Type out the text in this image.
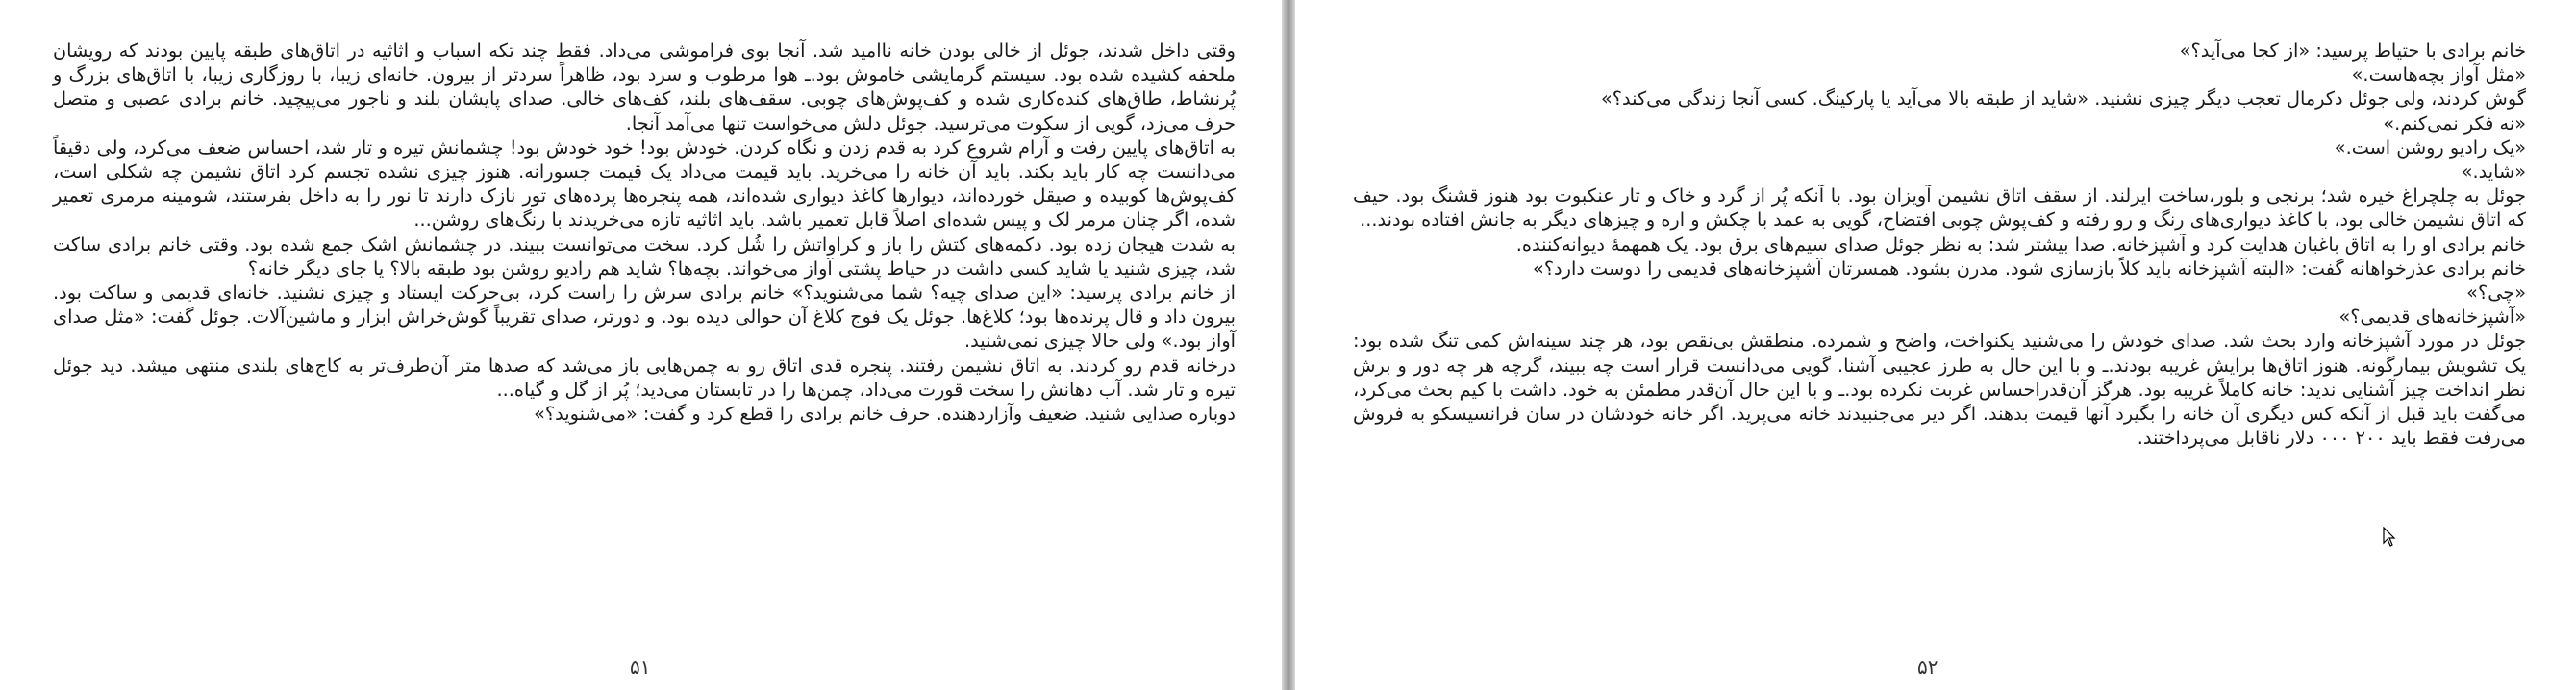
وقتی داخل شدند، جوئل از خالی بودن خانه ناامید شد. آنجا بوی فراموشی می‌داد. فقط چند تکه اسباب و اثاثیه در اتاق‌های طبقه پایین بودند که رویشان ملحفه کشیده شده بود. سیستم گرمایشی خاموش بود.ـ هوا مرطوب و سرد بود، ظاهراً سردتر از بیرون. خانه‌ای زیبا، با روزگاری زیبا، با اتاق‌های بزرگ و پُرنشاط، طاق‌های کنده‌کاری شده و کف‌پوش‌های چوبی. سقف‌های بلند، کف‌های خالی. صدای پایشان بلند و ناجور می‌پیچید. خانم برادی عصبی و متصل حرف می‌زد، گویی از سکوت می‌ترسید. جوئل دلش می‌خواست تنها می‌آمد آنجا.

به اتاق‌های پایین رفت و آرام شروع کرد به قدم زدن و نگاه کردن. خودش بود! خود خودش بود! چشمانش تیره و تار شد، احساس ضعف می‌کرد، ولی دقیقاً می‌دانست چه کار باید بکند. باید آن خانه را می‌خرید. باید قیمت می‌داد یک قیمت جسورانه. هنوز چیزی نشده تجسم کرد اتاق نشیمن چه شکلی است، کف‌پوش‌ها کوبیده و صیقل خورده‌اند، دیوارها کاغذ دیواری شده‌اند، همه پنجره‌ها پرده‌های تور نازک دارند تا نور را به داخل بفرستند، شومینه مرمری تعمیر شده، اگر چنان مرمر لک و پیس شده‌ای اصلاً قابل تعمیر باشد. باید اثاثیه تازه می‌خریدند با رنگ‌های روشن...

به شدت هیجان زده بود. دکمه‌های کتش را باز و کراواتش را شُل کرد. سخت می‌توانست ببیند. در چشمانش اشک جمع شده بود. وقتی خانم برادی ساکت شد، چیزی شنید یا شاید کسی داشت در حیاط پشتی آواز می‌خواند. بچه‌ها؟ شاید هم رادیو روشن بود طبقه بالا؟ یا جای دیگر خانه؟

از خانم برادی پرسید: «این صدای چیه؟ شما می‌شنوید؟» خانم برادی سرش را راست کرد، بی‌حرکت ایستاد و چیزی نشنید. خانه‌ای قدیمی و ساکت بود. بیرون داد و قال پرنده‌ها بود؛ کلاغ‌ها. جوئل یک فوج کلاغ آن حوالی دیده بود. و دورتر، صدای تقریباً گوش‌خراش ابزار و ماشین‌آلات. جوئل گفت: «مثل صدای آواز بود.» ولی حالا چیزی نمی‌شنید.

درخانه قدم رو کردند. به اتاق نشیمن رفتند. پنجره قدی اتاق رو به چمن‌هایی باز می‌شد که صدها متر آن‌طرف‌تر به کاج‌های بلندی منتهی میشد. دید جوئل تیره و تار شد. آب دهانش را سخت قورت می‌داد، چمن‌ها را در تابستان می‌دید؛ پُر از گل و گیاه...

دوباره صدایی شنید. ضعیف وآزاردهنده. حرف خانم برادی را قطع کرد و گفت: «می‌شنوید؟»

۵۱

خانم برادی با حتیاط پرسید: «از کجا می‌آید؟»

«مثل آواز بچه‌هاست.»

گوش کردند، ولی جوئل دکرمال تعجب دیگر چیزی نشنید. «شاید از طبقه بالا می‌آید یا پارکینگ. کسی آنجا زندگی می‌کند؟»

«نه فکر نمی‌کنم.»

«یک رادیو روشن است.»

«شاید.»

جوئل به چلچراغ خیره شد؛ برنجی و بلور،ساخت ایرلند. از سقف اتاق نشیمن آویزان بود. با آنکه پُر از گرد و خاک و تار عنکبوت بود هنوز قشنگ بود. حیف که اتاق نشیمن خالی بود، با کاغذ دیواری‌های رنگ و رو رفته و کف‌پوش چوبی افتضاح، گویی به عمد با چکش و اره و چیزهای دیگر به جانش افتاده بودند...

خانم برادی او را به اتاق باغبان هدایت کرد و آشپزخانه. صدا بیشتر شد: به نظر جوئل صدای سیم‌های برق بود. یک همهمهٔ دیوانه‌کننده.

خانم برادی عذرخواهانه گفت: «البته آشپزخانه باید کلاً بازسازی شود. مدرن بشود. همسرتان آشپزخانه‌های قدیمی را دوست دارد؟»

«چی؟»

«آشپزخانه‌های قدیمی؟»

جوئل در مورد آشپزخانه وارد بحث شد. صدای خودش را می‌شنید یکنواخت، واضح و شمرده. منطقش بی‌نقص بود، هر چند سینه‌اش کمی تنگ شده بود: یک تشویش بیمارگونه. هنوز اتاق‌ها برایش غریبه بودند.ـ و با این حال به طرز عجیبی آشنا. گویی می‌دانست قرار است چه ببیند، گرچه هر چه دور و برش نظر انداخت چیز آشنایی ندید: خانه کاملاً غریبه بود. هرگز آن‌قدراحساس غربت نکرده بود.ـ و با این حال آن‌قدر مطمئن به خود. داشت با کیم بحث می‌کرد، می‌گفت باید قبل از آنکه کس دیگری آن خانه را بگیرد آنها قیمت بدهند. اگر دیر می‌جنبیدند خانه می‌پرید. اگر خانه خودشان در سان فرانسیسکو به فروش می‌رفت فقط باید ۲۰۰ ۰۰۰ دلار ناقابل می‌پرداختند.

۵۲
